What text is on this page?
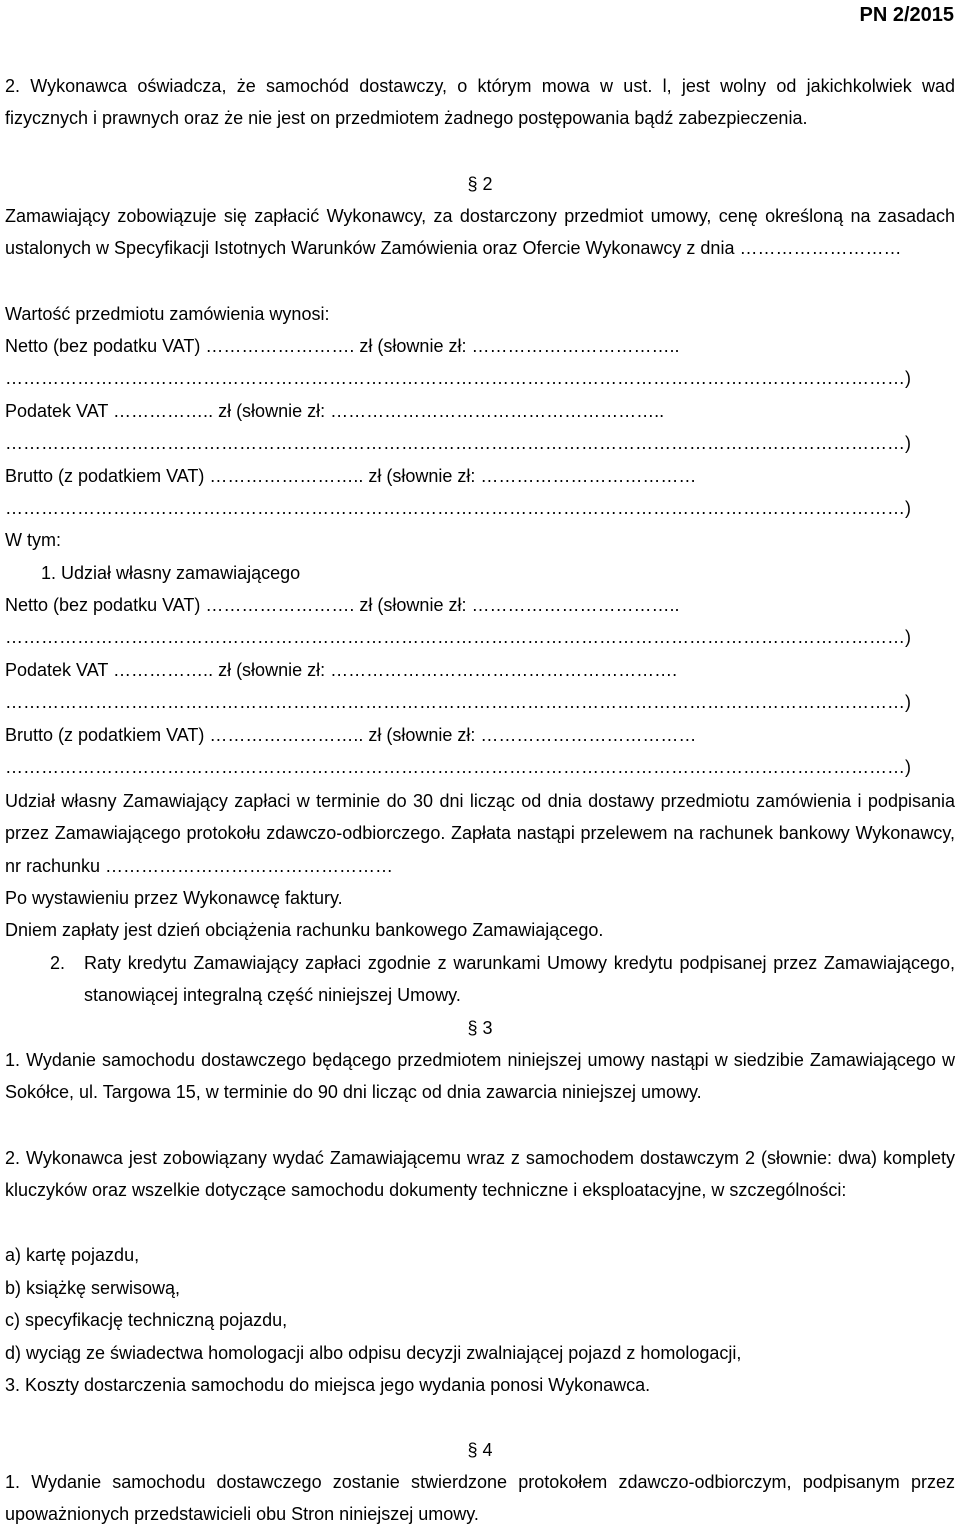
PN 2/2015
2. Wykonawca oświadcza, że samochód dostawczy, o którym mowa w ust. l, jest wolny od jakichkolwiek wad fizycznych i prawnych oraz że nie jest on przedmiotem żadnego postępowania bądź zabezpieczenia.
§ 2
Zamawiający zobowiązuje się zapłacić Wykonawcy, za dostarczony przedmiot umowy, cenę określoną na zasadach ustalonych w Specyfikacji Istotnych Warunków Zamówienia oraz Ofercie Wykonawcy z dnia ………………………
Wartość przedmiotu zamówienia wynosi:
Netto (bez podatku VAT) ……………………. zł (słownie zł: ……………………………..
……………………………………………………………………………………………………………………………………)
Podatek VAT …………….. zł (słownie zł: ………………………………………………..
……………………………………………………………………………………………………………………………………)
Brutto (z podatkiem VAT) …………………….. zł (słownie zł: ………………………………
……………………………………………………………………………………………………………………………………)
W tym:
1. Udział własny zamawiającego
Netto (bez podatku VAT) ……………………. zł (słownie zł: ……………………………..
……………………………………………………………………………………………………………………………………)
Podatek VAT …………….. zł (słownie zł: ………………………………………………….
……………………………………………………………………………………………………………………………………)
Brutto (z podatkiem VAT) …………………….. zł (słownie zł: ………………………………
……………………………………………………………………………………………………………………………………)
Udział własny Zamawiający zapłaci w terminie do 30 dni licząc od dnia dostawy przedmiotu zamówienia i podpisania przez Zamawiającego protokołu zdawczo-odbiorczego. Zapłata nastąpi przelewem na rachunek bankowy Wykonawcy, nr rachunku …………………………………………
Po wystawieniu przez Wykonawcę faktury.
Dniem zapłaty jest dzień obciążenia rachunku bankowego Zamawiającego.
2. Raty kredytu Zamawiający zapłaci zgodnie z warunkami Umowy kredytu podpisanej przez Zamawiającego, stanowiącej integralną część niniejszej Umowy.
§ 3
1. Wydanie samochodu dostawczego będącego przedmiotem niniejszej umowy nastąpi w siedzibie Zamawiającego w Sokółce, ul. Targowa 15, w terminie do 90 dni licząc od dnia zawarcia niniejszej umowy.
2. Wykonawca jest zobowiązany wydać Zamawiającemu wraz z samochodem dostawczym 2 (słownie: dwa) komplety kluczyków oraz wszelkie dotyczące samochodu dokumenty techniczne i eksploatacyjne, w szczególności:
a) kartę pojazdu,
b) książkę serwisową,
c) specyfikację techniczną pojazdu,
d) wyciąg ze świadectwa homologacji albo odpisu decyzji zwalniającej pojazd z homologacji,
3. Koszty dostarczenia samochodu do miejsca jego wydania ponosi Wykonawca.
§ 4
1. Wydanie samochodu dostawczego zostanie stwierdzone protokołem zdawczo-odbiorczym, podpisanym przez upoważnionych przedstawicieli obu Stron niniejszej umowy.
